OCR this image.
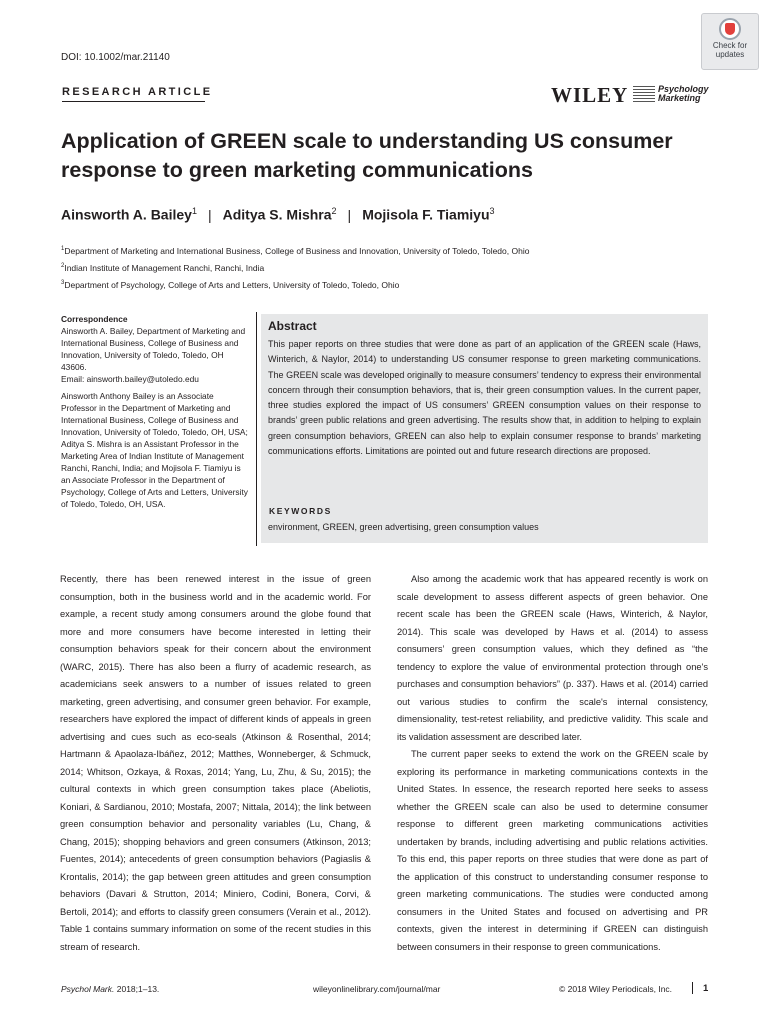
DOI: 10.1002/mar.21140
Check for
updates
RESEARCH ARTICLE	WILEY	Psychology
Marketing
Application of GREEN scale to understanding US consumer response to green marketing communications
Ainsworth A. Bailey$^1$ | Aditya S. Mishra$^2$ | Mojisola F. Tiamiyu$^3$
$^1$Department of Marketing and International Business, College of Business and Innovation, University of Toledo, Toledo, Ohio
$^2$Indian Institute of Management Ranchi, Ranchi, India
$^3$Department of Psychology, College of Arts and Letters, University of Toledo, Toledo, Ohio

Correspondence

Ainsworth A. Bailey, Department of Marketing and International Business, College of Business and Innovation, University of Toledo, Toledo, OH 43606.

Email: ainsworth.bailey@utoledo.edu

Ainsworth Anthony Bailey is an Associate Professor in the Department of Marketing and International Business, College of Business and Innovation, University of Toledo, Toledo, OH, USA; Aditya S. Mishra is an Assistant Professor in the Marketing Area of Indian Institute of Management Ranchi, Ranchi, India; and Mojisola F. Tiamiyu is an Associate Professor in the Department of Psychology, College of Arts and Letters, University of Toledo, Toledo, OH, USA.

Abstract
This paper reports on three studies that were done as part of an application of the GREEN scale (Haws, Winterich, & Naylor, 2014) to understanding US consumer response to green marketing communications. The GREEN scale was developed originally to measure consumers’ tendency to express their environmental concern through their consumption behaviors, that is, their green consumption values. In the current paper, three studies explored the impact of US consumers’ GREEN consumption values on their response to brands’ green public relations and green advertising. The results show that, in addition to helping to explain green consumption behaviors, GREEN can also help to explain consumer response to brands’ marketing communications efforts. Limitations are pointed out and future research directions are proposed.
KEYWORDS
environment, GREEN, green advertising, green consumption values

Recently, there has been renewed interest in the issue of green consumption, both in the business world and in the academic world. For example, a recent study among consumers around the globe found that more and more consumers have become interested in letting their consumption behaviors speak for their concern about the environment (WARC, 2015). There has also been a flurry of academic research, as academicians seek answers to a number of issues related to green marketing, green advertising, and consumer green behavior. For example, researchers have explored the impact of different kinds of appeals in green advertising and cues such as eco-seals (Atkinson & Rosenthal, 2014; Hartmann & Apaolaza-Ibáñez, 2012; Matthes, Wonneberger, & Schmuck, 2014; Whitson, Ozkaya, & Roxas, 2014; Yang, Lu, Zhu, & Su, 2015); the cultural contexts in which green consumption takes place (Abeliotis, Koniari, & Sardianou, 2010; Mostafa, 2007; Nittala, 2014); the link between green consumption behavior and personality variables (Lu, Chang, & Chang, 2015); shopping behaviors and green consumers (Atkinson, 2013; Fuentes, 2014); antecedents of green consumption behaviors (Pagiaslis & Krontalis, 2014); the gap between green attitudes and green consumption behaviors (Davari & Strutton, 2014; Miniero, Codini, Bonera, Corvi, & Bertoli, 2014); and efforts to classify green consumers (Verain et al., 2012). Table 1 contains summary information on some of the recent studies in this stream of research.

Also among the academic work that has appeared recently is work on scale development to assess different aspects of green behavior. One recent scale has been the GREEN scale (Haws, Winterich, & Naylor, 2014). This scale was developed by Haws et al. (2014) to assess consumers’ green consumption values, which they defined as “the tendency to explore the value of environmental protection through one's purchases and consumption behaviors” (p. 337). Haws et al. (2014) carried out various studies to confirm the scale's internal consistency, dimensionality, test-retest reliability, and predictive validity. This scale and its validation assessment are described later.

The current paper seeks to extend the work on the GREEN scale by exploring its performance in marketing communications contexts in the United States. In essence, the research reported here seeks to assess whether the GREEN scale can also be used to determine consumer response to different green marketing communications activities undertaken by brands, including advertising and public relations activities. To this end, this paper reports on three studies that were done as part of the application of this construct to understanding consumer response to green marketing communications. The studies were conducted among consumers in the United States and focused on advertising and PR contexts, given the interest in determining if GREEN can distinguish between consumers in their response to green communications.

Psychol Mark. 2018;1–13.	wileyonlinelibrary.com/journal/mar	© 2018 Wiley Periodicals, Inc.	1
